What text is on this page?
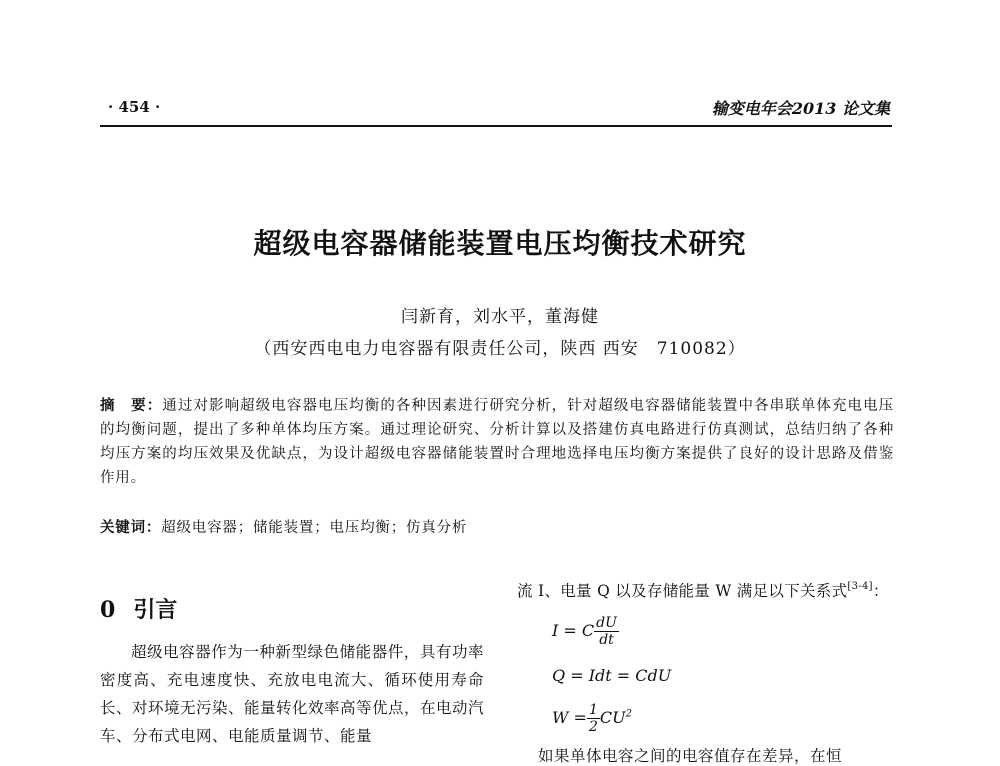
· 454 ·	输变电年会2013 论文集
超级电容器储能装置电压均衡技术研究
闫新育，刘水平，董海健
（西安西电电力电容器有限责任公司，陕西 西安　710082）
摘　要：通过对影响超级电容器电压均衡的各种因素进行研究分析，针对超级电容器储能装置中各串联单体充电电压的均衡问题，提出了多种单体均压方案。通过理论研究、分析计算以及搭建仿真电路进行仿真测试，总结归纳了各种均压方案的均压效果及优缺点，为设计超级电容器储能装置时合理地选择电压均衡方案提供了良好的设计思路及借鉴作用。
关键词：超级电容器；储能装置；电压均衡；仿真分析
0 引言

超级电容器作为一种新型绿色储能器件，具有功率密度高、充电速度快、充放电电流大、循环使用寿命长、对环境无污染、能量转化效率高等优点，在电动汽车、分布式电网、电能质量调节、能量

流 I、电量 Q 以及存储能量 W 满足以下关系式[3-4]：
I = C $\frac{dU}{dt}$
Q = Idt = CdU
$W = \frac{1}{2} CU^2$
如果单体电容之间的电容值存在差异，在恒
